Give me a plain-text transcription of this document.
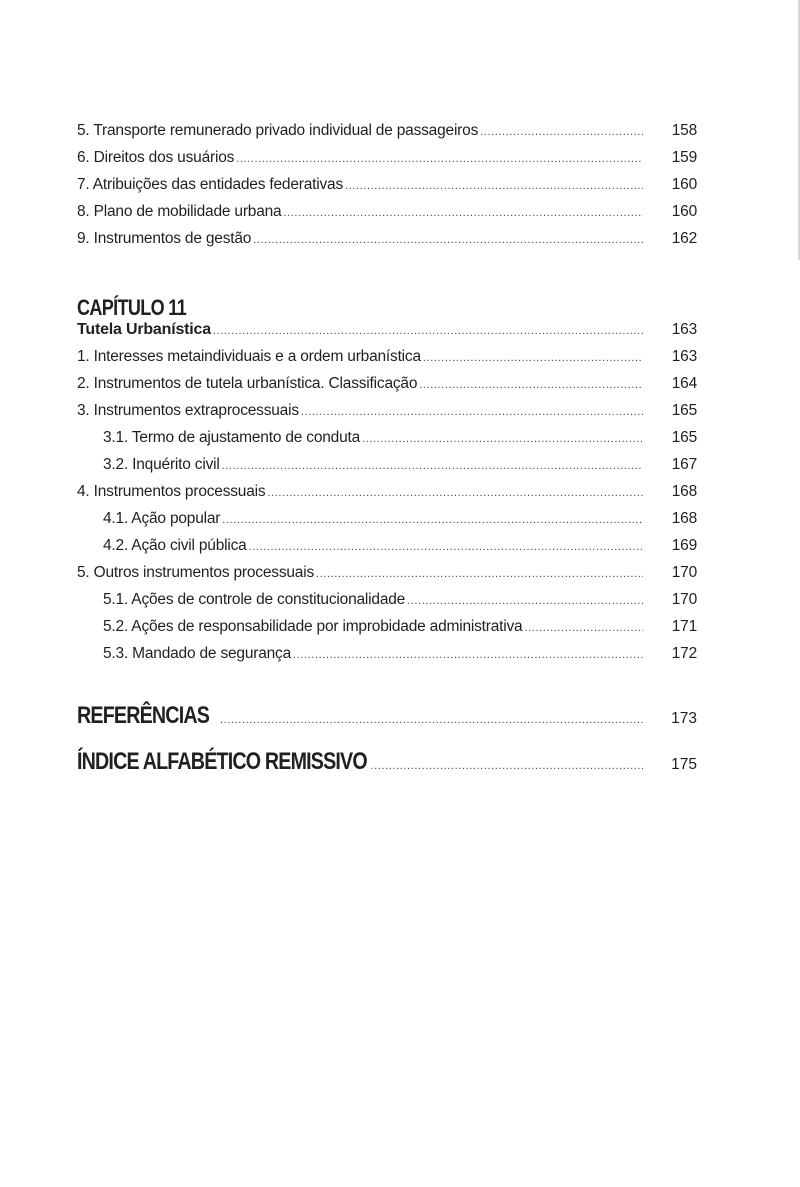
5. Transporte remunerado privado individual de passageiros .....	158
6. Direitos dos usuários .....	159
7. Atribuições das entidades federativas .....	160
8. Plano de mobilidade urbana .....	160
9. Instrumentos de gestão .....	162
CAPÍTULO 11
Tutela Urbanística .....	163
1. Interesses metaindividuais e a ordem urbanística .....	163
2. Instrumentos de tutela urbanística. Classificação .....	164
3. Instrumentos extraprocessuais .....	165
3.1. Termo de ajustamento de conduta .....	165
3.2. Inquérito civil .....	167
4. Instrumentos processuais .....	168
4.1. Ação popular .....	168
4.2. Ação civil pública .....	169
5. Outros instrumentos processuais .....	170
5.1. Ações de controle de constitucionalidade .....	170
5.2. Ações de responsabilidade por improbidade administrativa .....	171
5.3. Mandado de segurança .....	172
REFERÊNCIAS .....	173
ÍNDICE ALFABÉTICO REMISSIVO .....	175
